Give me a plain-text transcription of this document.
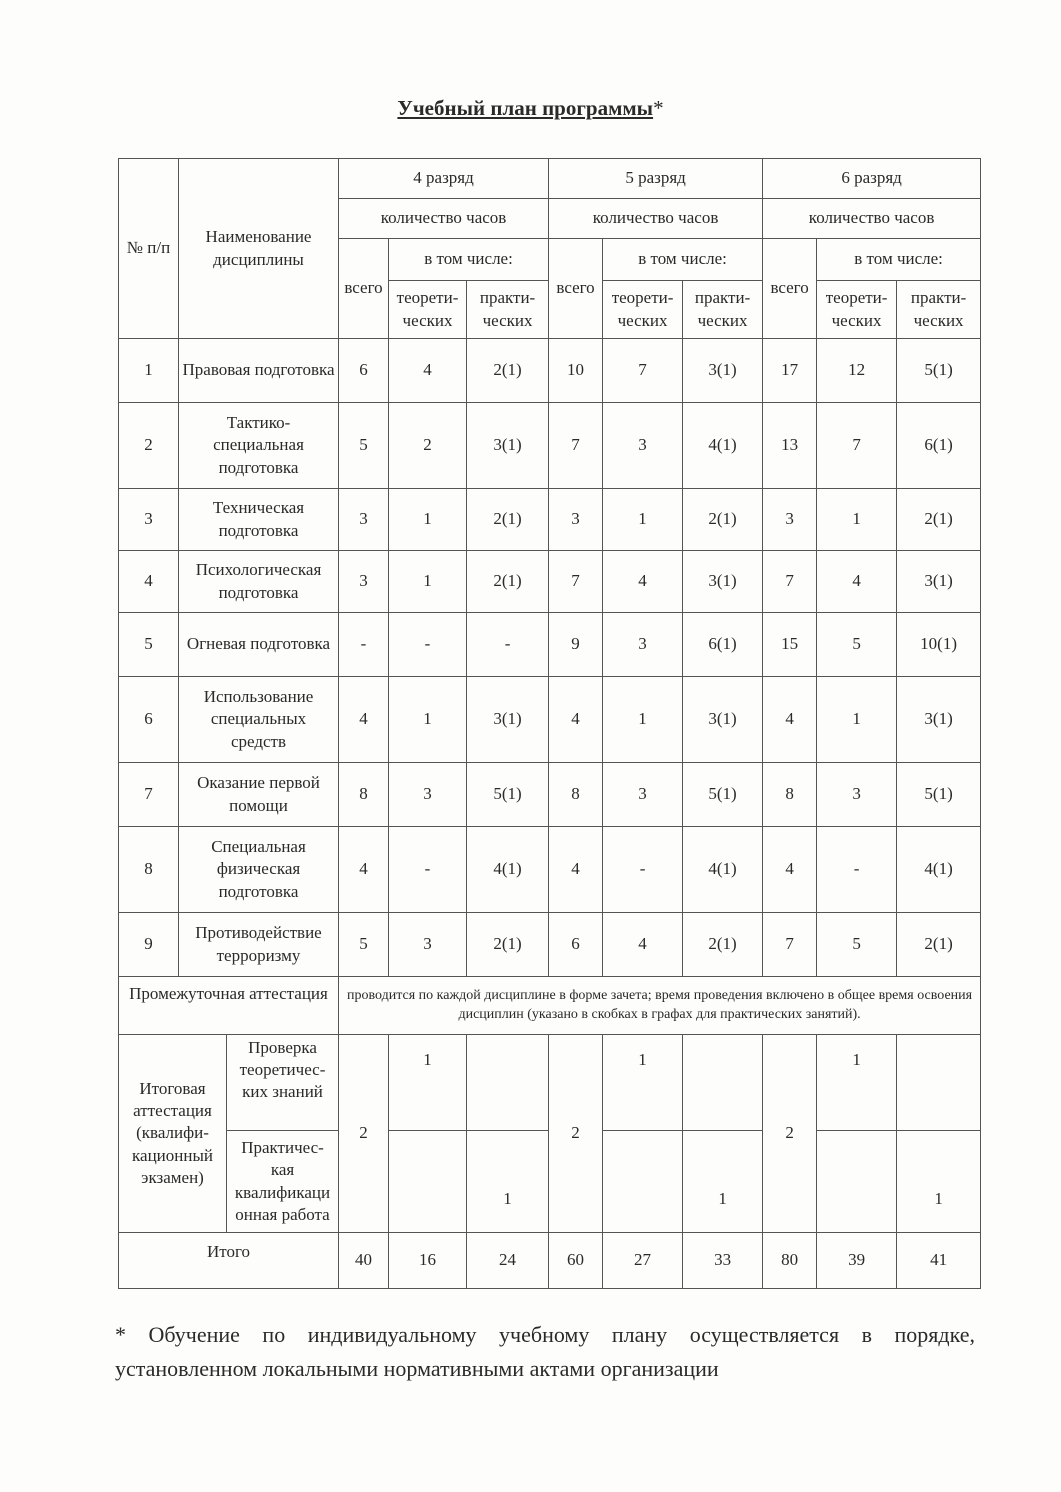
Учебный план программы*
№ п/п	Наименование дисциплины		4 разряд			5 разряд			6 разряд		
			количество часов			количество часов			количество часов		
			всего	в том числе:		всего	в том числе:		всего	в том числе:	
				теорети-ческих	практи-ческих		теорети-ческих	практи-ческих		теорети-ческих	практи-ческих
1	Правовая подготовка		6	4	2(1)	10	7	3(1)	17	12	5(1)
2	Тактико-специальная подготовка		5	2	3(1)	7	3	4(1)	13	7	6(1)
3	Техническая подготовка		3	1	2(1)	3	1	2(1)	3	1	2(1)
4	Психологическая подготовка		3	1	2(1)	7	4	3(1)	7	4	3(1)
5	Огневая подготовка		-	-	-	9	3	6(1)	15	5	10(1)
6	Использование специальных средств		4	1	3(1)	4	1	3(1)	4	1	3(1)
7	Оказание первой помощи		8	3	5(1)	8	3	5(1)	8	3	5(1)
8	Специальная физическая подготовка		4	-	4(1)	4	-	4(1)	4	-	4(1)
9	Противодействие терроризму		5	3	2(1)	6	4	2(1)	7	5	2(1)
Промежуточная аттестация			проводится по каждой дисциплине в форме зачета; время проведения включено в общее время освоения дисциплин (указано в скобках в графах для практических занятий).								
Итоговая аттестация (квалифи-кационный экзамен)		Проверка теоретичес-ких знаний	2	1		2	1		2	1	
		Практичес-кая квалификаци онная работа			1			1			1
Итого			40	16	24	60	27	33	80	39	41
* Обучение по индивидуальному учебному плану осуществляется в порядке, установленном локальными нормативными актами организации
